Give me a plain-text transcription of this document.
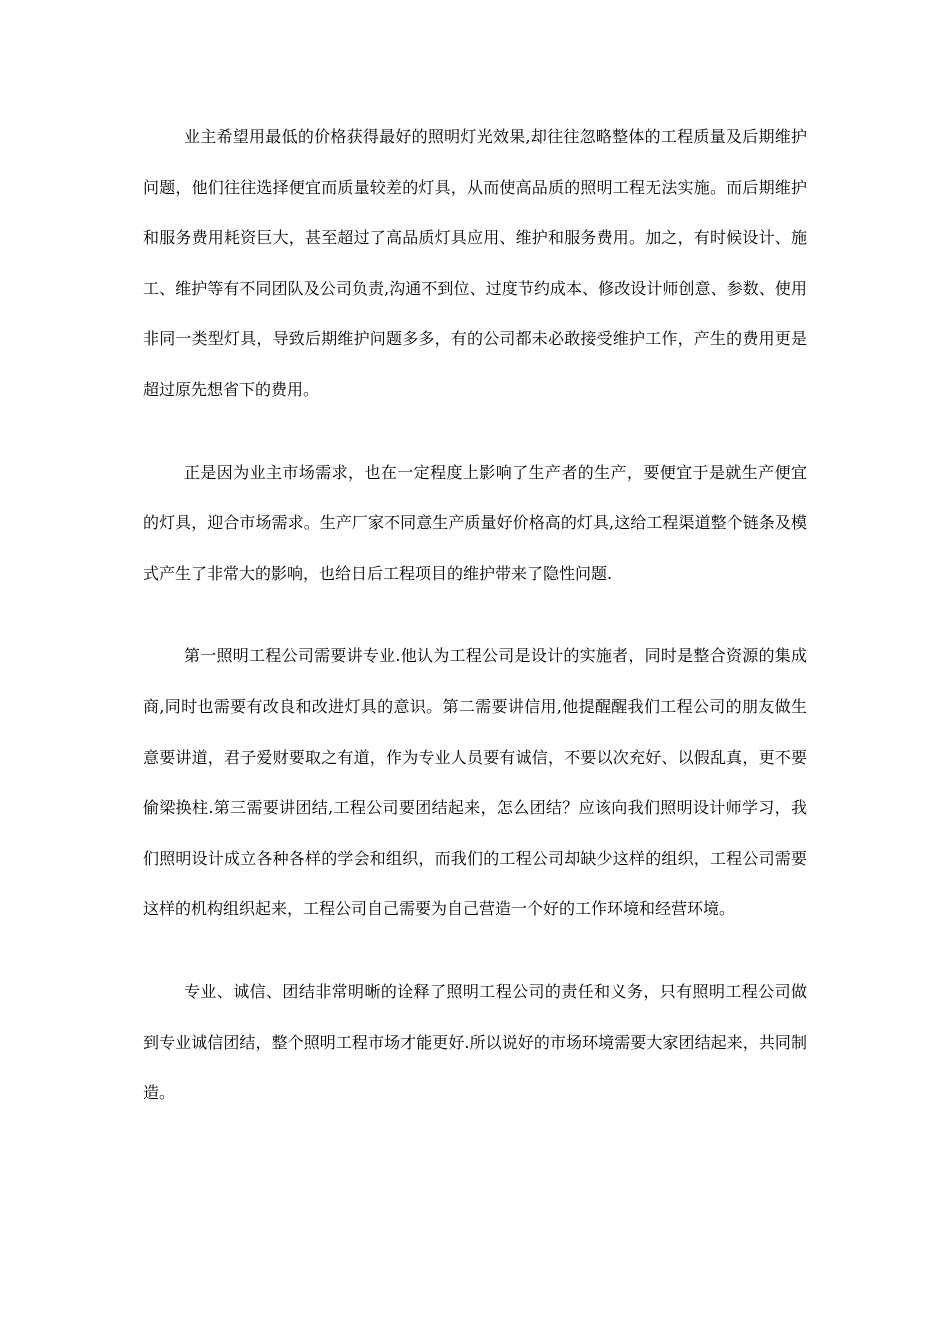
业主希望用最低的价格获得最好的照明灯光效果,却往往忽略整体的工程质量及后期维护问题，他们往往选择便宜而质量较差的灯具，从而使高品质的照明工程无法实施。而后期维护和服务费用耗资巨大，甚至超过了高品质灯具应用、维护和服务费用。加之，有时候设计、施工、维护等有不同团队及公司负责,沟通不到位、过度节约成本、修改设计师创意、参数、使用非同一类型灯具，导致后期维护问题多多，有的公司都未必敢接受维护工作，产生的费用更是超过原先想省下的费用。

正是因为业主市场需求，也在一定程度上影响了生产者的生产，要便宜于是就生产便宜的灯具，迎合市场需求。生产厂家不同意生产质量好价格高的灯具,这给工程渠道整个链条及模式产生了非常大的影响，也给日后工程项目的维护带来了隐性问题.

第一照明工程公司需要讲专业.他认为工程公司是设计的实施者，同时是整合资源的集成商,同时也需要有改良和改进灯具的意识。第二需要讲信用,他提醒醒我们工程公司的朋友做生意要讲道，君子爱财要取之有道，作为专业人员要有诚信，不要以次充好、以假乱真，更不要偷梁换柱.第三需要讲团结,工程公司要团结起来，怎么团结？应该向我们照明设计师学习，我们照明设计成立各种各样的学会和组织，而我们的工程公司却缺少这样的组织，工程公司需要这样的机构组织起来，工程公司自己需要为自己营造一个好的工作环境和经营环境。

专业、诚信、团结非常明晰的诠释了照明工程公司的责任和义务，只有照明工程公司做到专业诚信团结，整个照明工程市场才能更好.所以说好的市场环境需要大家团结起来，共同制造。
